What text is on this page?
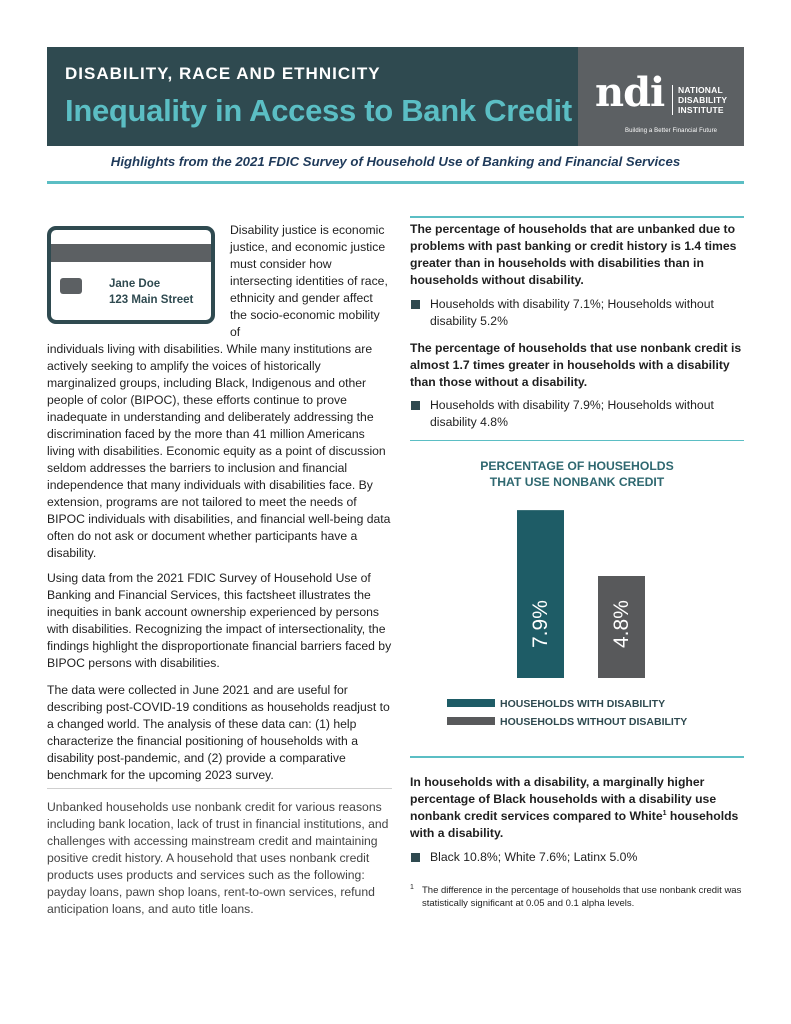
DISABILITY, RACE AND ETHNICITY
Inequality in Access to Bank Credit ndi NATIONAL
DISABILITY
INSTITUTE
Building a Better Financial Future
Highlights from the 2021 FDIC Survey of Household Use of Banking and Financial Services
Jane Doe
123 Main Street
Disability justice is economic justice, and economic justice must consider how intersecting identities of race, ethnicity and gender affect the socio-economic mobility of
individuals living with disabilities. While many institutions are actively seeking to amplify the voices of historically marginalized groups, including Black, Indigenous and other people of color (BIPOC), these efforts continue to prove inadequate in understanding and deliberately addressing the discrimination faced by the more than 41 million Americans living with disabilities. Economic equity as a point of discussion seldom addresses the barriers to inclusion and financial independence that many individuals with disabilities face. By extension, programs are not tailored to meet the needs of BIPOC individuals with disabilities, and financial well-being data often do not ask or document whether participants have a disability.
Using data from the 2021 FDIC Survey of Household Use of Banking and Financial Services, this factsheet illustrates the inequities in bank account ownership experienced by persons with disabilities. Recognizing the impact of intersectionality, the findings highlight the disproportionate financial barriers faced by BIPOC persons with disabilities.
The data were collected in June 2021 and are useful for describing post-COVID-19 conditions as households readjust to a changed world. The analysis of these data can: (1) help characterize the financial positioning of households with a disability post-pandemic, and (2) provide a comparative benchmark for the upcoming 2023 survey.
Unbanked households use nonbank credit for various reasons including bank location, lack of trust in financial institutions, and challenges with accessing mainstream credit and maintaining positive credit history. A household that uses nonbank credit products uses products and services such as the following: payday loans, pawn shop loans, rent-to-own services, refund anticipation loans, and auto title loans.
The percentage of households that are unbanked due to problems with past banking or credit history is 1.4 times greater than in households with disabilities than in households without disability.
Households with disability 7.1%; Households without disability 5.2%
The percentage of households that use nonbank credit is almost 1.7 times greater in households with a disability than those without a disability.
Households with disability 7.9%; Households without disability 4.8%
PERCENTAGE OF HOUSEHOLDS
THAT USE NONBANK CREDIT
7.9%	4.8%
HOUSEHOLDS WITH DISABILITY
HOUSEHOLDS WITHOUT DISABILITY
In households with a disability, a marginally higher percentage of Black households with a disability use nonbank credit services compared to White$^1$ households with a disability.
Black 10.8%; White 7.6%; Latinx 5.0%
1 The difference in the percentage of households that use nonbank credit was statistically significant at 0.05 and 0.1 alpha levels.
